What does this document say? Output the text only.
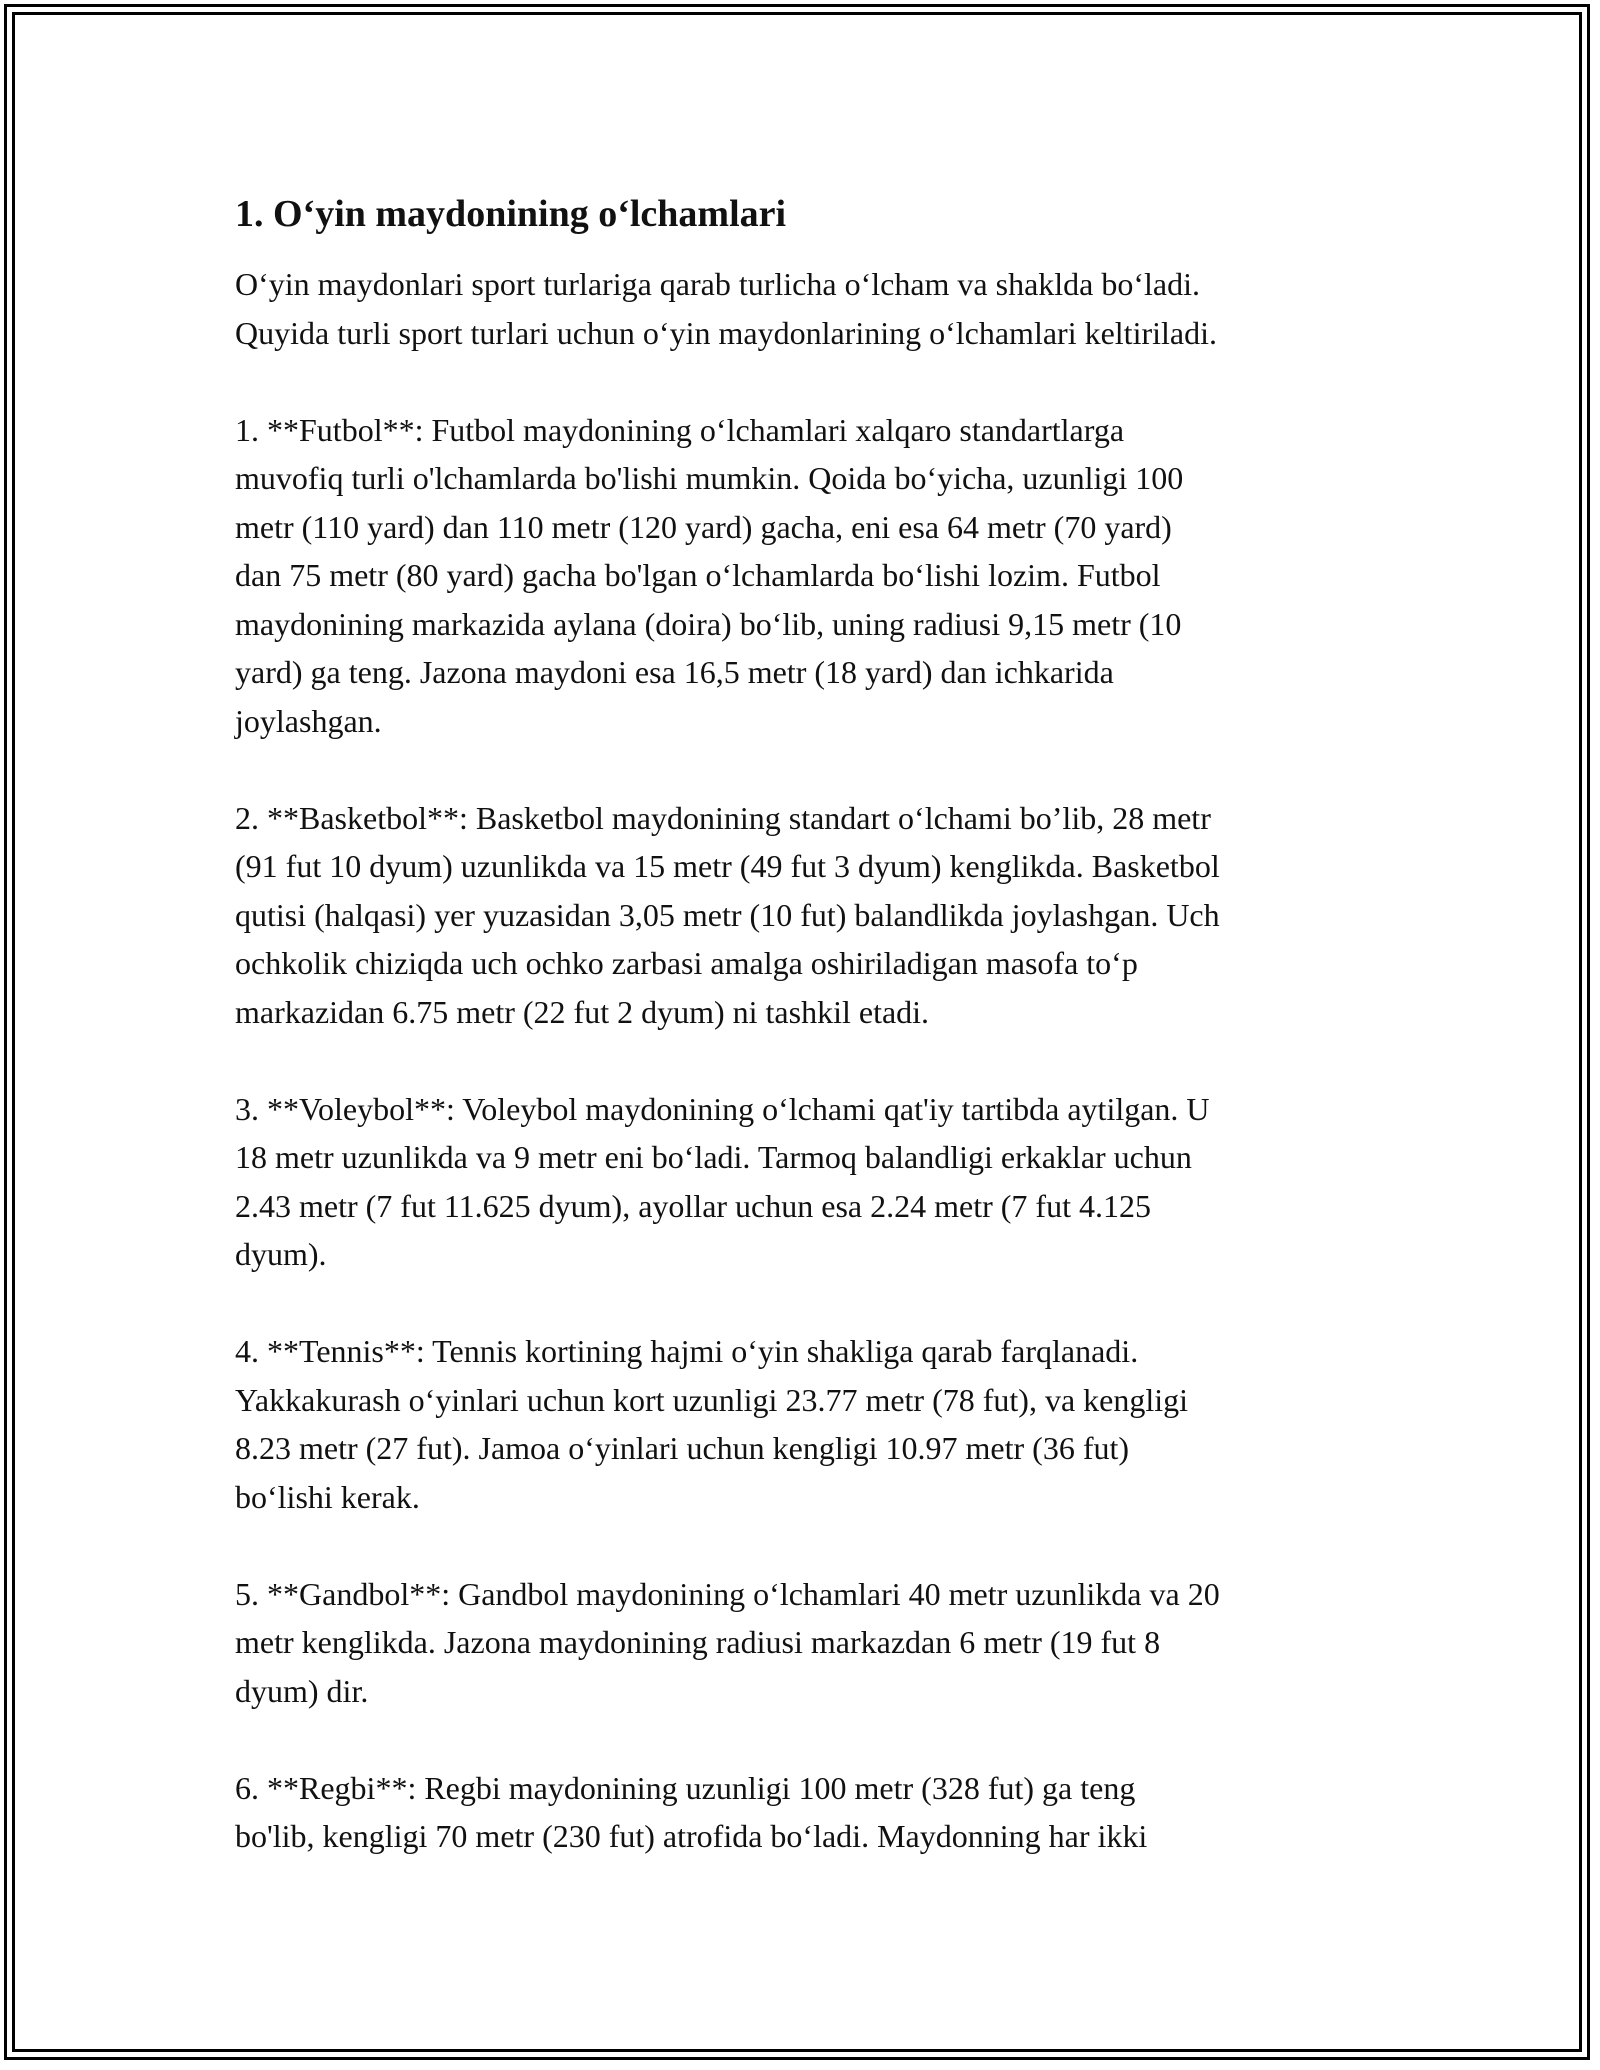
1. O‘yin maydonining o‘lchamlari

O‘yin maydonlari sport turlariga qarab turlicha o‘lcham va shaklda bo‘ladi.
Quyida turli sport turlari uchun o‘yin maydonlarining o‘lchamlari keltiriladi.

1. **Futbol**: Futbol maydonining o‘lchamlari xalqaro standartlarga
muvofiq turli o'lchamlarda bo'lishi mumkin. Qoida bo‘yicha, uzunligi 100
metr (110 yard) dan 110 metr (120 yard) gacha, eni esa 64 metr (70 yard)
dan 75 metr (80 yard) gacha bo'lgan o‘lchamlarda bo‘lishi lozim. Futbol
maydonining markazida aylana (doira) bo‘lib, uning radiusi 9,15 metr (10
yard) ga teng. Jazona maydoni esa 16,5 metr (18 yard) dan ichkarida
joylashgan.

2. **Basketbol**: Basketbol maydonining standart o‘lchami bo’lib, 28 metr
(91 fut 10 dyum) uzunlikda va 15 metr (49 fut 3 dyum) kenglikda. Basketbol
qutisi (halqasi) yer yuzasidan 3,05 metr (10 fut) balandlikda joylashgan. Uch
ochkolik chiziqda uch ochko zarbasi amalga oshiriladigan masofa to‘p
markazidan 6.75 metr (22 fut 2 dyum) ni tashkil etadi.

3. **Voleybol**: Voleybol maydonining o‘lchami qat'iy tartibda aytilgan. U
18 metr uzunlikda va 9 metr eni bo‘ladi. Tarmoq balandligi erkaklar uchun
2.43 metr (7 fut 11.625 dyum), ayollar uchun esa 2.24 metr (7 fut 4.125
dyum).

4. **Tennis**: Tennis kortining hajmi o‘yin shakliga qarab farqlanadi.
Yakkakurash o‘yinlari uchun kort uzunligi 23.77 metr (78 fut), va kengligi
8.23 metr (27 fut). Jamoa o‘yinlari uchun kengligi 10.97 metr (36 fut)
bo‘lishi kerak.

5. **Gandbol**: Gandbol maydonining o‘lchamlari 40 metr uzunlikda va 20
metr kenglikda. Jazona maydonining radiusi markazdan 6 metr (19 fut 8
dyum) dir.

6. **Regbi**: Regbi maydonining uzunligi 100 metr (328 fut) ga teng
bo'lib, kengligi 70 metr (230 fut) atrofida bo‘ladi. Maydonning har ikki
